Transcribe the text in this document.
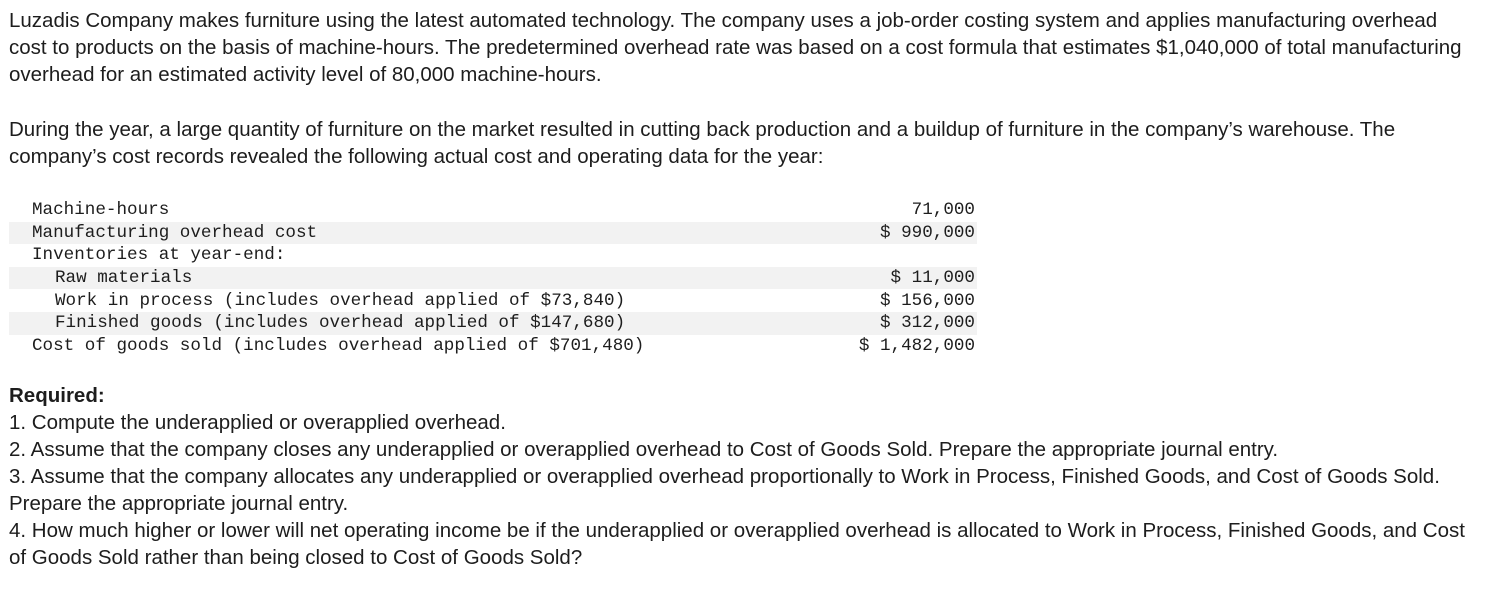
Luzadis Company makes furniture using the latest automated technology. The company uses a job-order costing system and applies manufacturing overhead cost to products on the basis of machine-hours. The predetermined overhead rate was based on a cost formula that estimates $1,040,000 of total manufacturing overhead for an estimated activity level of 80,000 machine-hours.

During the year, a large quantity of furniture on the market resulted in cutting back production and a buildup of furniture in the company’s warehouse. The company’s cost records revealed the following actual cost and operating data for the year:

Machine-hours	71,000
Manufacturing overhead cost	$ 990,000
Inventories at year-end:	
Raw materials	$ 11,000
Work in process (includes overhead applied of $73,840)	$ 156,000
Finished goods (includes overhead applied of $147,680)	$ 312,000
Cost of goods sold (includes overhead applied of $701,480)	$ 1,482,000
Required:
1. Compute the underapplied or overapplied overhead.
2. Assume that the company closes any underapplied or overapplied overhead to Cost of Goods Sold. Prepare the appropriate journal entry.
3. Assume that the company allocates any underapplied or overapplied overhead proportionally to Work in Process, Finished Goods, and Cost of Goods Sold. Prepare the appropriate journal entry.
4. How much higher or lower will net operating income be if the underapplied or overapplied overhead is allocated to Work in Process, Finished Goods, and Cost of Goods Sold rather than being closed to Cost of Goods Sold?
